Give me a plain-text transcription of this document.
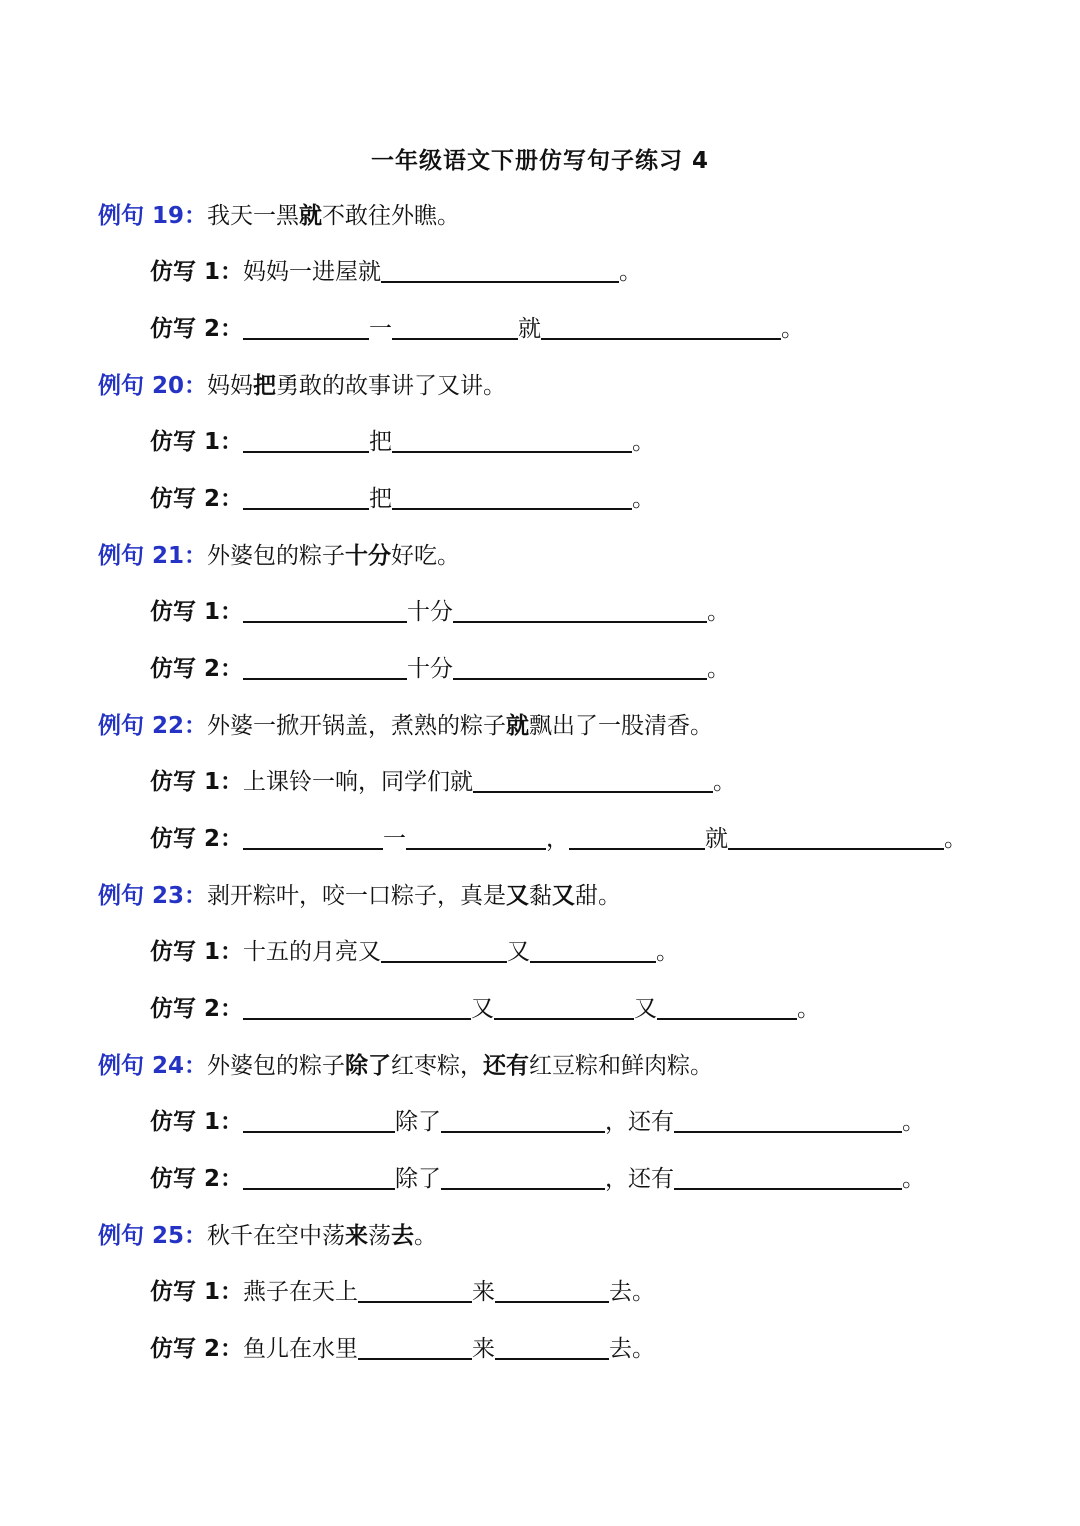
一年级语文下册仿写句子练习 4
例句 19：我天一黑就不敢往外瞧。
仿写 1：妈妈一进屋就	。
仿写 2：	一	就	。
例句 20：妈妈把勇敢的故事讲了又讲。
仿写 1：	把	。
仿写 2：	把	。
例句 21：外婆包的粽子十分好吃。
仿写 1：	十分	。
仿写 2：	十分	。
例句 22：外婆一掀开锅盖，煮熟的粽子就飘出了一股清香。
仿写 1：上课铃一响，同学们就	。
仿写 2：	一	，	就	。
例句 23：剥开粽叶，咬一口粽子，真是又黏又甜。
仿写 1：十五的月亮又	又	。
仿写 2：	又	又	。
例句 24：外婆包的粽子除了红枣粽，还有红豆粽和鲜肉粽。
仿写 1：	除了	，还有	。
仿写 2：	除了	，还有	。
例句 25：秋千在空中荡来荡去。
仿写 1：燕子在天上	来	去。
仿写 2：鱼儿在水里	来	去。
